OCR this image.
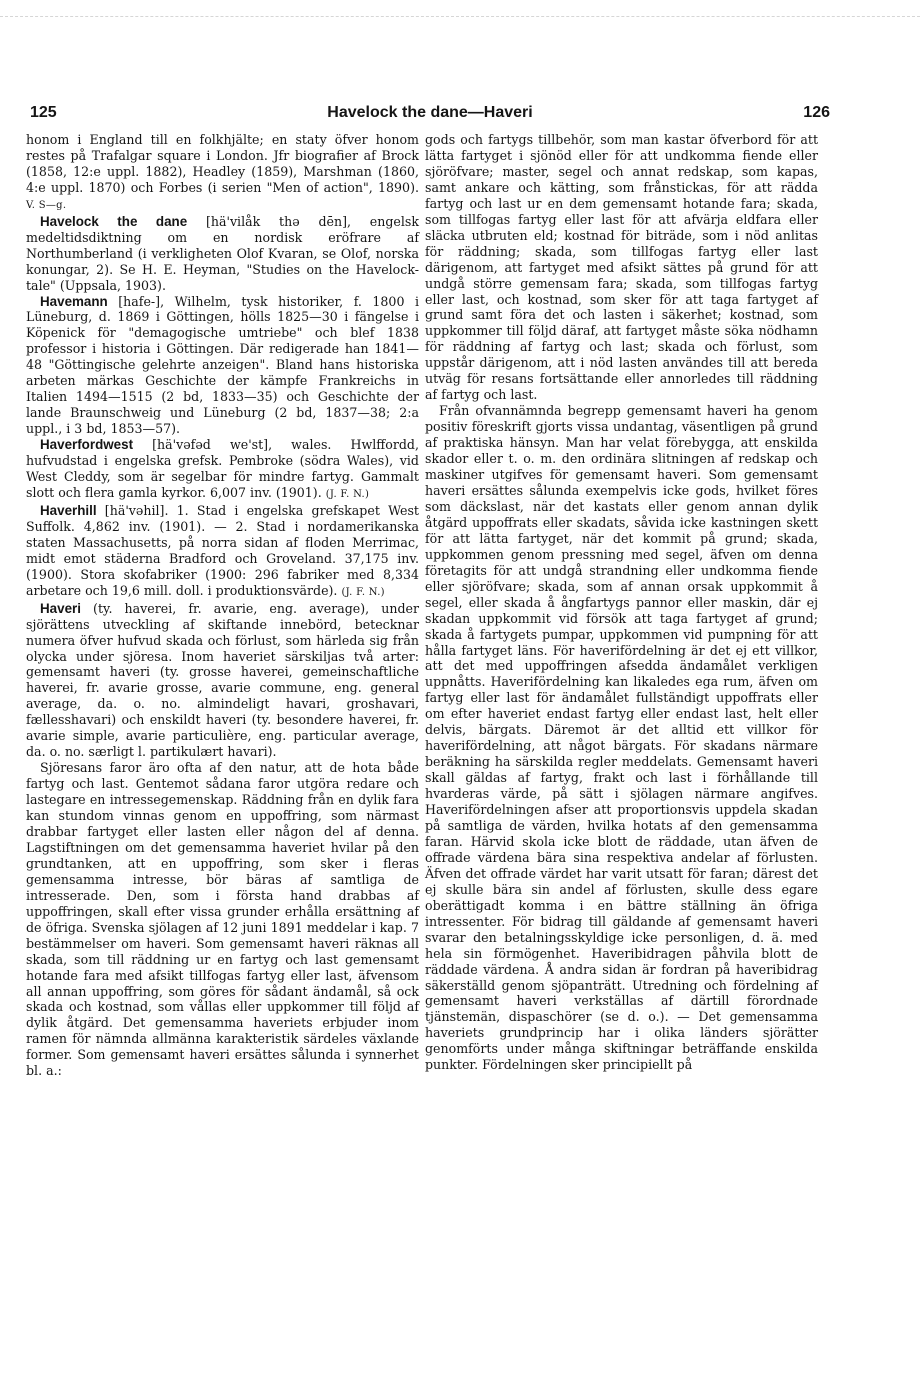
125	Havelock the dane—Haveri	126

honom i England till en folkhjälte; en staty öfver honom restes på Trafalgar square i London. Jfr biografier af Brock (1858, 12:e uppl. 1882), Headley (1859), Marshman (1860, 4:e uppl. 1870) och Forbes (i serien "Men of action", 1890). V. S—g.

Havelock the dane [hä'vilåk thə dēn], engelsk medeltidsdiktning om en nordisk eröfrare af Northumberland (i verkligheten Olof Kvaran, se Olof, norska konungar, 2). Se H. E. Heyman, "Studies on the Havelock-tale" (Uppsala, 1903).

Havemann [hafe-], Wilhelm, tysk historiker, f. 1800 i Lüneburg, d. 1869 i Göttingen, hölls 1825—30 i fängelse i Köpenick för "demagogische umtriebe" och blef 1838 professor i historia i Göttingen. Där redigerade han 1841—48 "Göttingische gelehrte anzeigen". Bland hans historiska arbeten märkas Geschichte der kämpfe Frankreichs in Italien 1494—1515 (2 bd, 1833—35) och Geschichte der lande Braunschweig und Lüneburg (2 bd, 1837—38; 2:a uppl., i 3 bd, 1853—57).

Haverfordwest [hä'vəfəd we'st], wales. Hwlffordd, hufvudstad i engelska grefsk. Pembroke (södra Wales), vid West Cleddy, som är segelbar för mindre fartyg. Gammalt slott och flera gamla kyrkor. 6,007 inv. (1901). (J. F. N.)

Haverhill [hä'vəhil]. 1. Stad i engelska grefskapet West Suffolk. 4,862 inv. (1901). — 2. Stad i nordamerikanska staten Massachusetts, på norra sidan af floden Merrimac, midt emot städerna Bradford och Groveland. 37,175 inv. (1900). Stora skofabriker (1900: 296 fabriker med 8,334 arbetare och 19,6 mill. doll. i produktionsvärde). (J. F. N.)

Haveri (ty. haverei, fr. avarie, eng. average), under sjörättens utveckling af skiftande innebörd, betecknar numera öfver hufvud skada och förlust, som härleda sig från olycka under sjöresa. Inom haveriet särskiljas två arter: gemensamt haveri (ty. grosse haverei, gemeinschaftliche haverei, fr. avarie grosse, avarie commune, eng. general average, da. o. no. almindeligt havari, groshavari, fællesshavari) och enskildt haveri (ty. besondere haverei, fr. avarie simple, avarie particulière, eng. particular average, da. o. no. særligt l. partikulært havari).

Sjöresans faror äro ofta af den natur, att de hota både fartyg och last. Gentemot sådana faror utgöra redare och lastegare en intressegemenskap. Räddning från en dylik fara kan stundom vinnas genom en uppoffring, som närmast drabbar fartyget eller lasten eller någon del af denna. Lagstiftningen om det gemensamma haveriet hvilar på den grundtanken, att en uppoffring, som sker i fleras gemensamma intresse, bör bäras af samtliga de intresserade. Den, som i första hand drabbas af uppoffringen, skall efter vissa grunder erhålla ersättning af de öfriga. Svenska sjölagen af 12 juni 1891 meddelar i kap. 7 bestämmelser om haveri. Som gemensamt haveri räknas all skada, som till räddning ur en fartyg och last gemensamt hotande fara med afsikt tillfogas fartyg eller last, äfvensom all annan uppoffring, som göres för sådant ändamål, så ock skada och kostnad, som vållas eller uppkommer till följd af dylik åtgärd. Det gemensamma haveriets erbjuder inom ramen för nämnda allmänna karakteristik särdeles växlande former. Som gemensamt haveri ersättes sålunda i synnerhet bl. a.:

gods och fartygs tillbehör, som man kastar öfverbord för att lätta fartyget i sjönöd eller för att undkomma fiende eller sjöröfvare; master, segel och annat redskap, som kapas, samt ankare och kätting, som frånstickas, för att rädda fartyg och last ur en dem gemensamt hotande fara; skada, som tillfogas fartyg eller last för att afvärja eldfara eller släcka utbruten eld; kostnad för biträde, som i nöd anlitas för räddning; skada, som tillfogas fartyg eller last därigenom, att fartyget med afsikt sättes på grund för att undgå större gemensam fara; skada, som tillfogas fartyg eller last, och kostnad, som sker för att taga fartyget af grund samt föra det och lasten i säkerhet; kostnad, som uppkommer till följd däraf, att fartyget måste söka nödhamn för räddning af fartyg och last; skada och förlust, som uppstår därigenom, att i nöd lasten användes till att bereda utväg för resans fortsättande eller annorledes till räddning af fartyg och last.

Från ofvannämnda begrepp gemensamt haveri ha genom positiv föreskrift gjorts vissa undantag, väsentligen på grund af praktiska hänsyn. Man har velat förebygga, att enskilda skador eller t. o. m. den ordinära slitningen af redskap och maskiner utgifves för gemensamt haveri. Som gemensamt haveri ersättes sålunda exempelvis icke gods, hvilket föres som däckslast, när det kastats eller genom annan dylik åtgärd uppoffrats eller skadats, såvida icke kastningen skett för att lätta fartyget, när det kommit på grund; skada, uppkommen genom pressning med segel, äfven om denna företagits för att undgå strandning eller undkomma fiende eller sjöröfvare; skada, som af annan orsak uppkommit å segel, eller skada å ångfartygs pannor eller maskin, där ej skadan uppkommit vid försök att taga fartyget af grund; skada å fartygets pumpar, uppkommen vid pumpning för att hålla fartyget läns. För haverifördelning är det ej ett villkor, att det med uppoffringen afsedda ändamålet verkligen uppnåtts. Haverifördelning kan likaledes ega rum, äfven om fartyg eller last för ändamålet fullständigt uppoffrats eller om efter haveriet endast fartyg eller endast last, helt eller delvis, bärgats. Däremot är det alltid ett villkor för haverifördelning, att något bärgats. För skadans närmare beräkning ha särskilda regler meddelats. Gemensamt haveri skall gäldas af fartyg, frakt och last i förhållande till hvarderas värde, på sätt i sjölagen närmare angifves. Haverifördelningen afser att proportionsvis uppdela skadan på samtliga de värden, hvilka hotats af den gemensamma faran. Härvid skola icke blott de räddade, utan äfven de offrade värdena bära sina respektiva andelar af förlusten. Äfven det offrade värdet har varit utsatt för faran; därest det ej skulle bära sin andel af förlusten, skulle dess egare oberättigadt komma i en bättre ställning än öfriga intressenter. För bidrag till gäldande af gemensamt haveri svarar den betalningsskyldige icke personligen, d. ä. med hela sin förmögenhet. Haveribidragen påhvila blott de räddade värdena. Å andra sidan är fordran på haveribidrag säkerställd genom sjöpanträtt. Utredning och fördelning af gemensamt haveri verkställas af därtill förordnade tjänstemän, dispaschörer (se d. o.). — Det gemensamma haveriets grundprincip har i olika länders sjörätter genomförts under många skiftningar beträffande enskilda punkter. Fördelningen sker principiellt på
